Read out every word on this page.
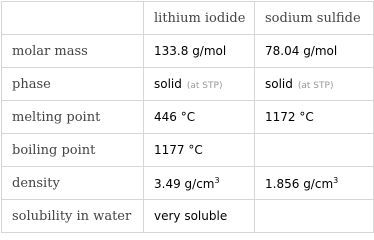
	lithium iodide	sodium sulfide
molar mass	133.8 g/mol	78.04 g/mol
phase	solid (at STP)	solid (at STP)
melting point	446 °C	1172 °C
boiling point	1177 °C	
density	3.49 $g/cm^3$	1.856 $g/cm^3$
solubility in water	very soluble	
